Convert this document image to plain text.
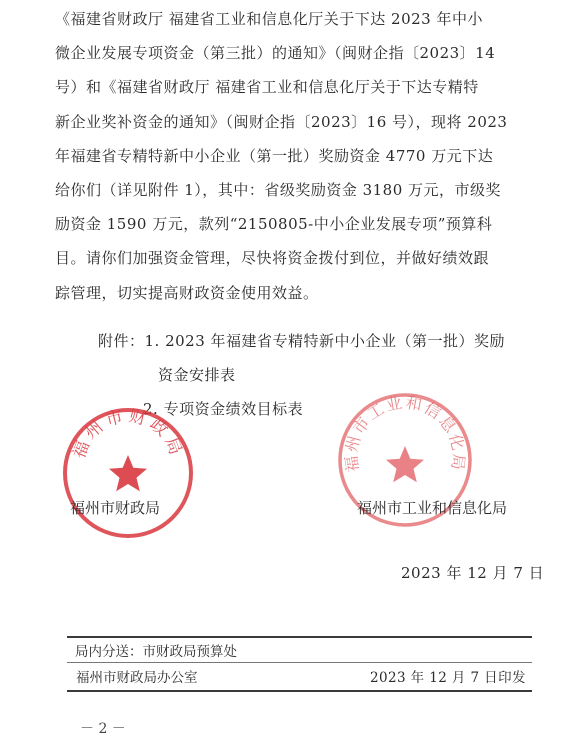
《福建省财政厅 福建省工业和信息化厅关于下达 2023 年中小
微企业发展专项资金（第三批）的通知》（闽财企指〔2023〕14
号）和《福建省财政厅 福建省工业和信息化厅关于下达专精特
新企业奖补资金的通知》（闽财企指〔2023〕16 号），现将 2023
年福建省专精特新中小企业（第一批）奖励资金 4770 万元下达
给你们（详见附件 1），其中：省级奖励资金 3180 万元，市级奖
励资金 1590 万元，款列“2150805-中小企业发展专项”预算科
目。请你们加强资金管理，尽快将资金拨付到位，并做好绩效跟
踪管理，切实提高财政资金使用效益。
附件：1. 2023 年福建省专精特新中小企业（第一批）奖励
资金安排表
2. 专项资金绩效目标表
福州市财政局
福州市工业和信息化局
福州市财政局	福州市工业和信息化局
2023 年 12 月 7 日
局内分送：市财政局预算处
福州市财政局办公室	2023 年 12 月 7 日印发
－ 2 －
